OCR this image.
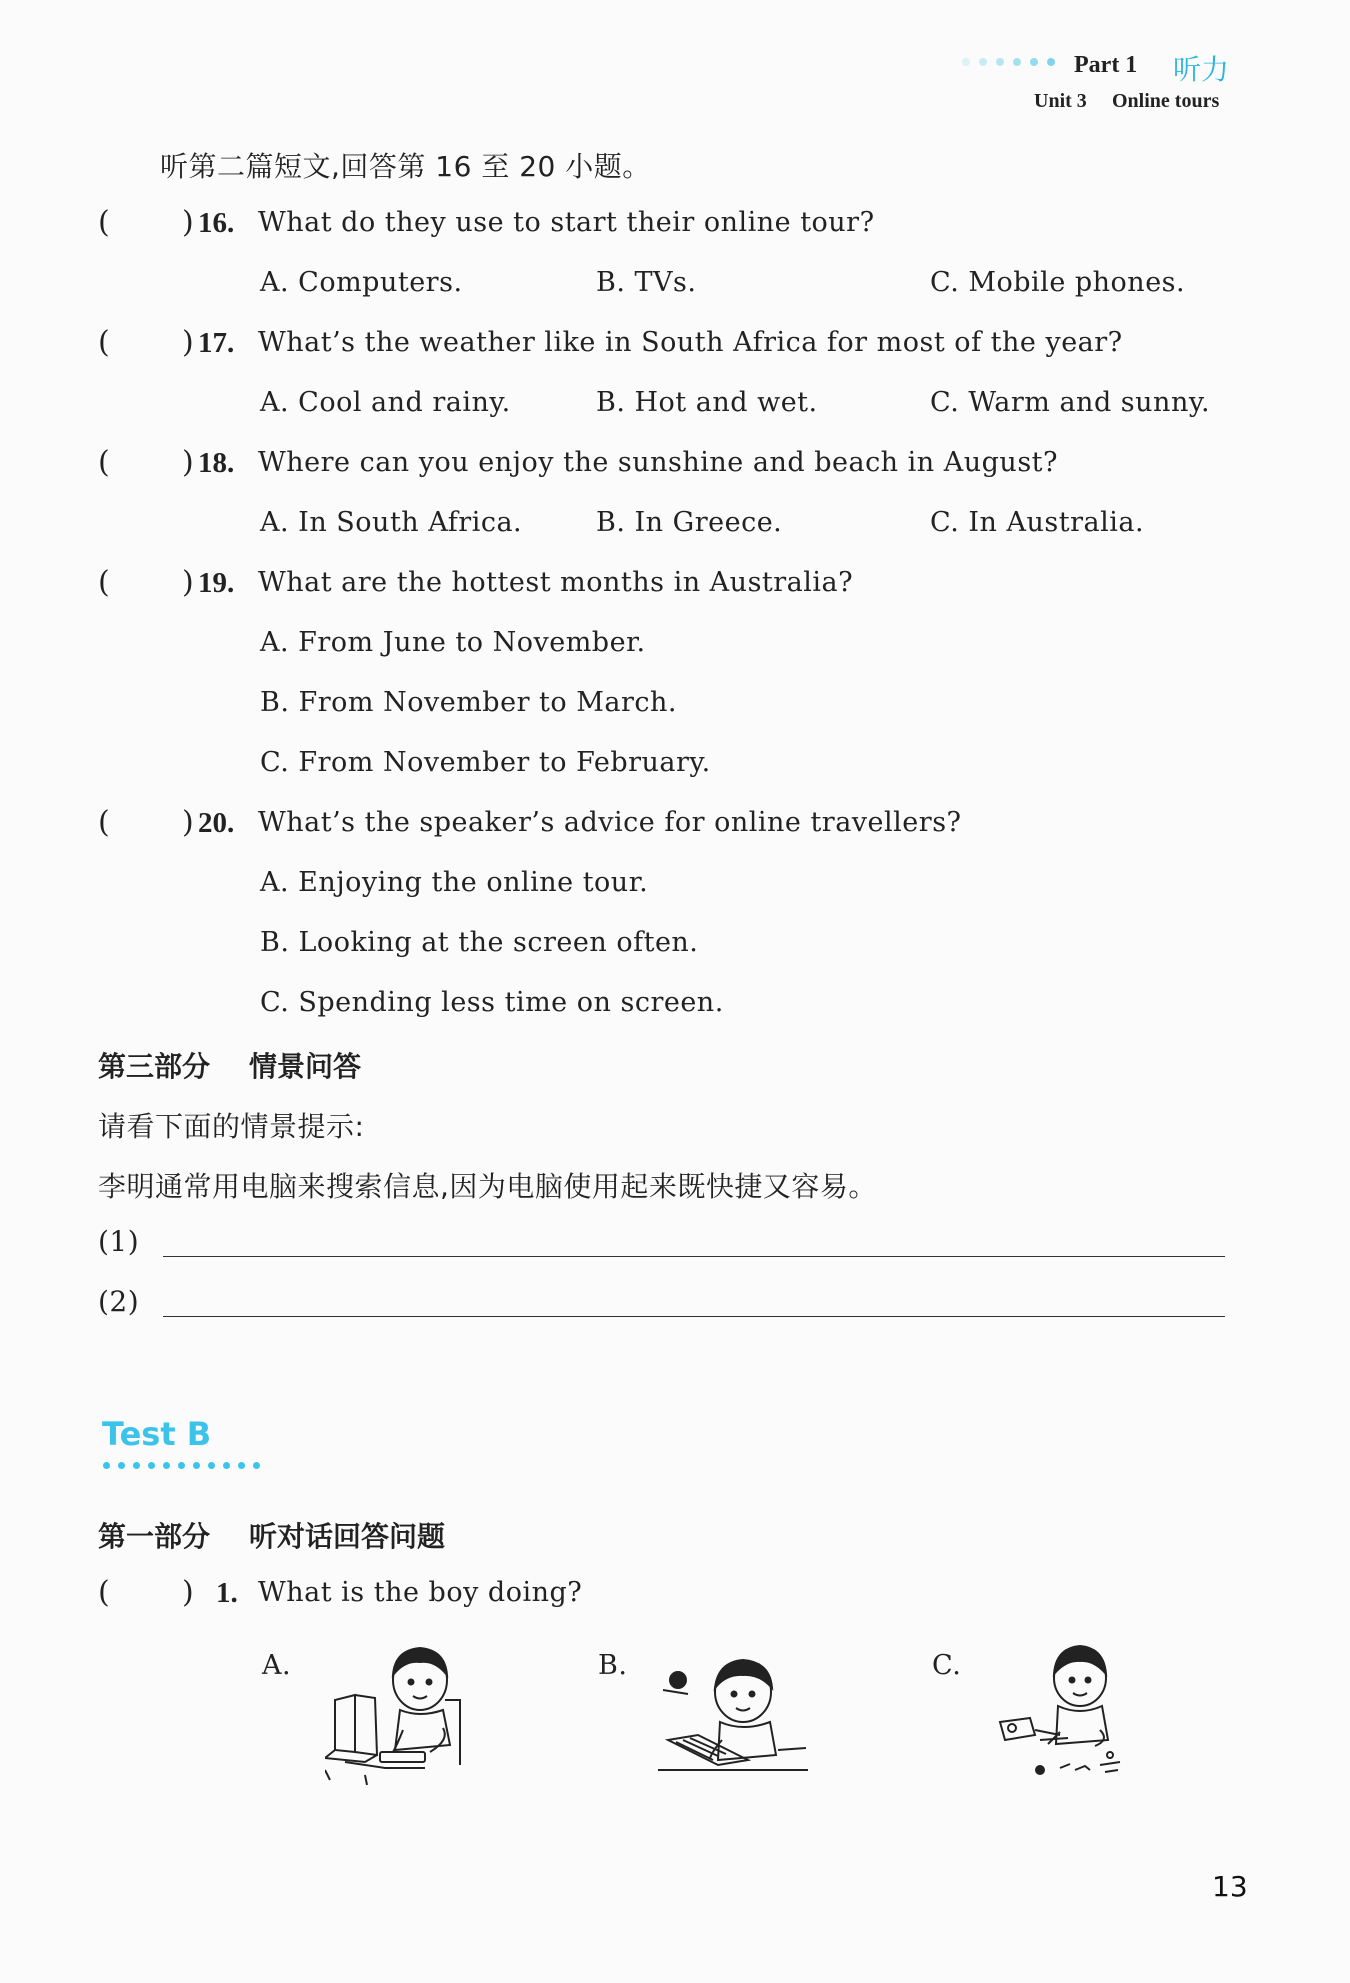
Part 1 听力
Unit 3 Online tours
听第二篇短文,回答第 16 至 20 小题。
( ) 16. What do they use to start their online tour?
A. Computers.	B. TVs.	C. Mobile phones.
( ) 17. What’s the weather like in South Africa for most of the year?
A. Cool and rainy.	B. Hot and wet.	C. Warm and sunny.
( ) 18. Where can you enjoy the sunshine and beach in August?
A. In South Africa.	B. In Greece.	C. In Australia.
( ) 19. What are the hottest months in Australia?
A. From June to November.
B. From November to March.
C. From November to February.
( ) 20. What’s the speaker’s advice for online travellers?
A. Enjoying the online tour.
B. Looking at the screen often.
C. Spending less time on screen.
第三部分    情景问答
请看下面的情景提示:
李明通常用电脑来搜索信息,因为电脑使用起来既快捷又容易。
(1)
(2)
Test B
第一部分    听对话回答问题
( ) 1. What is the boy doing?
A.	B.	C.
13
